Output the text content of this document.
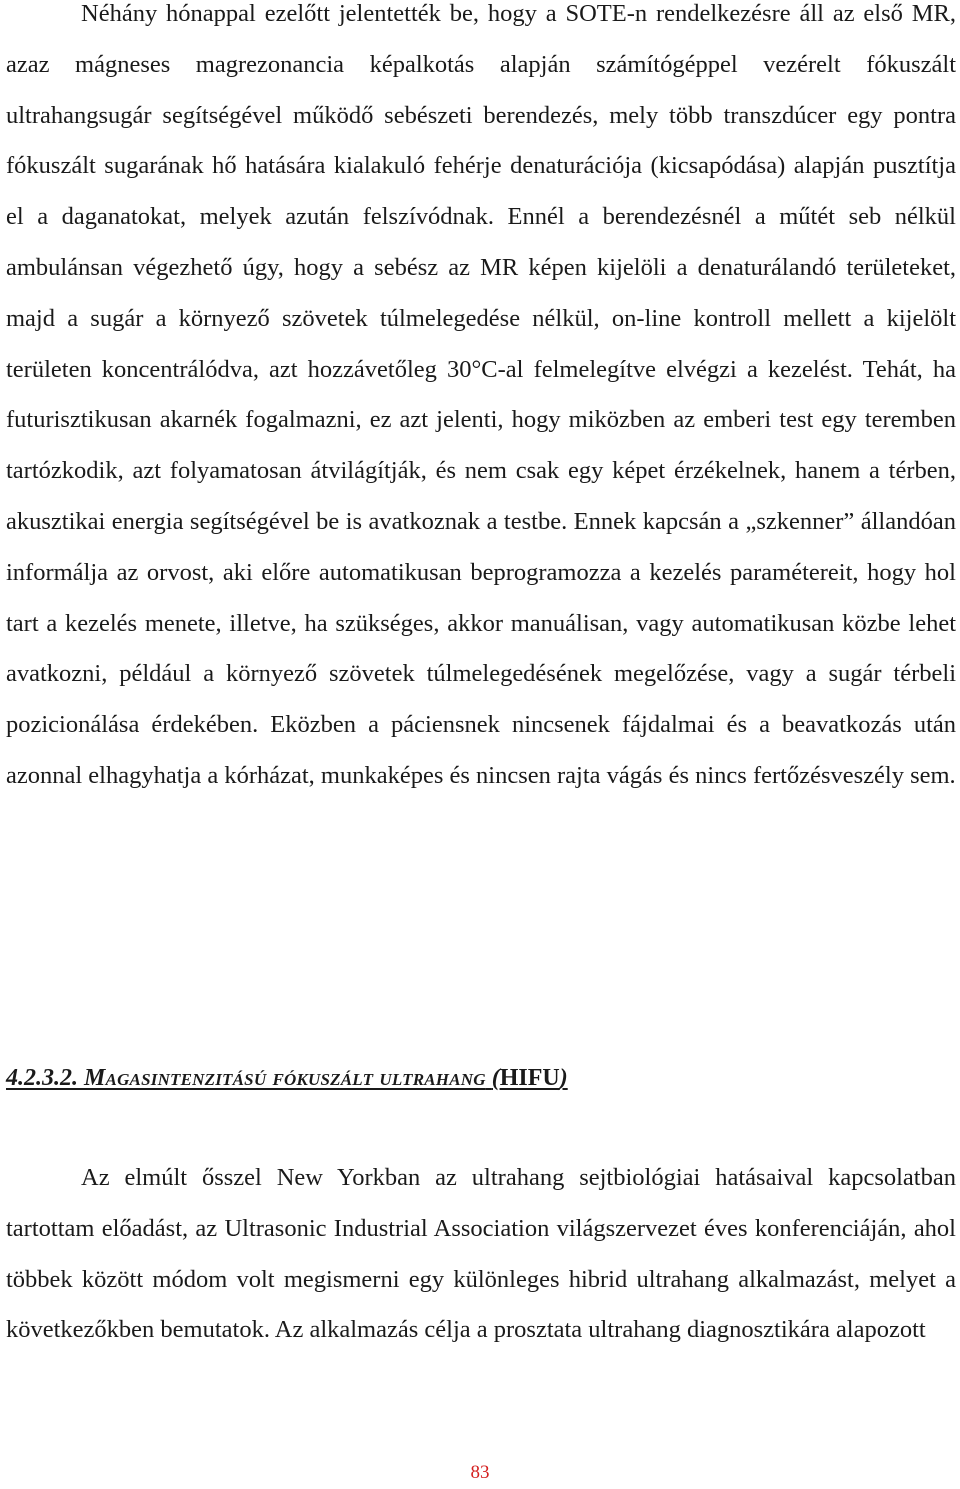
Néhány hónappal ezelőtt jelentették be, hogy a SOTE-n rendelkezésre áll az első MR, azaz mágneses magrezonancia képalkotás alapján számítógéppel vezérelt fókuszált ultrahangsugár segítségével működő sebészeti berendezés, mely több transzdúcer egy pontra fókuszált sugarának hő hatására kialakuló fehérje denaturációja (kicsapódása) alapján pusztítja el a daganatokat, melyek azután felszívódnak. Ennél a berendezésnél a műtét seb nélkül ambulánsan végezhető úgy, hogy a sebész az MR képen kijelöli a denaturálandó területeket, majd a sugár a környező szövetek túlmelegedése nélkül, on-line kontroll mellett a kijelölt területen koncentrálódva, azt hozzávetőleg 30°C-al felmelegítve elvégzi a kezelést. Tehát, ha futurisztikusan akarnék fogalmazni, ez azt jelenti, hogy miközben az emberi test egy teremben tartózkodik, azt folyamatosan átvilágítják, és nem csak egy képet érzékelnek, hanem a térben, akusztikai energia segítségével be is avatkoznak a testbe. Ennek kapcsán a „szkenner” állandóan informálja az orvost, aki előre automatikusan beprogramozza a kezelés paramétereit, hogy hol tart a kezelés menete, illetve, ha szükséges, akkor manuálisan, vagy automatikusan közbe lehet avatkozni, például a környező szövetek túlmelegedésének megelőzése, vagy a sugár térbeli pozicionálása érdekében. Eközben a páciensnek nincsenek fájdalmai és a beavatkozás után azonnal elhagyhatja a kórházat, munkaképes és nincsen rajta vágás és nincs fertőzésveszély sem.

4.2.3.2. Magasintenzitású fókuszált ultrahang (HIFU)

Az elmúlt ősszel New Yorkban az ultrahang sejtbiológiai hatásaival kapcsolatban tartottam előadást, az Ultrasonic Industrial Association világszervezet éves konferenciáján, ahol többek között módom volt megismerni egy különleges hibrid ultrahang alkalmazást, melyet a következőkben bemutatok. Az alkalmazás célja a prosztata ultrahang diagnosztikára alapozott

83
